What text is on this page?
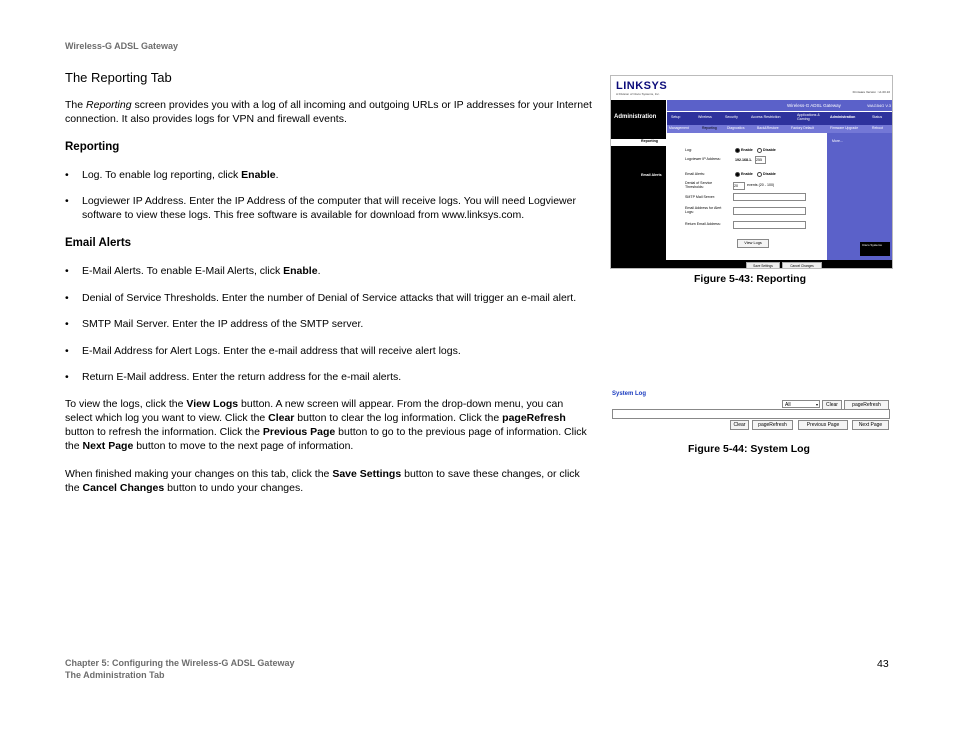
Wireless-G ADSL Gateway
The Reporting Tab
The Reporting screen provides you with a log of all incoming and outgoing URLs or IP addresses for your Internet
connection. It also provides logs for VPN and firewall events.
Reporting
• Log. To enable log reporting, click Enable.
• Logviewer IP Address. Enter the IP Address of the computer that will receive logs. You will need Logviewer
software to view these logs. This free software is available for download from www.linksys.com.
Email Alerts
• E-Mail Alerts. To enable E-Mail Alerts, click Enable.
• Denial of Service Thresholds. Enter the number of Denial of Service attacks that will trigger an e-mail alert.
• SMTP Mail Server. Enter the IP address of the SMTP server.
• E-Mail Address for Alert Logs. Enter the e-mail address that will receive alert logs.
• Return E-Mail address. Enter the return address for the e-mail alerts.
To view the logs, click the View Logs button. A new screen will appear. From the drop-down menu, you can
select which log you want to view. Click the Clear button to clear the log information. Click the pageRefresh
button to refresh the information. Click the Previous Page button to go to the previous page of information. Click
the Next Page button to move to the next page of information.
When finished making your changes on this tab, click the Save Settings button to save these changes, or click
the Cancel Changes button to undo your changes.
LINKSYS
A Division of Cisco Systems, Inc.	Firmware Version : v1.00.10
Administration
Wireless-G ADSL Gateway	WAG54G V.3
Setup	Wireless	Security	Access Restriction	Applications & Gaming	Administration	Status
Management	Reporting	Diagnostics	Back&Restore	Factory Default	Firmware Upgrade	Reboot
Reporting
Email Alerts
Log:	Enable	Disable
Logviewer IP Address:	192.168.1. 255
Email Alerts:	Enable	Disable
Denial of Service Thresholds:	20	events (20 - 100)
SMTP Mail Server:
Email Address for Alert Logs:
Return Email Address:
View Logs
More...
Cisco Systems
Save Settings	Cancel Changes
Figure 5-43: Reporting
System Log
All	▾	Clear	pageRefresh
Clear	pageRefresh	Previous Page	Next Page
Figure 5-44: System Log
Chapter 5: Configuring the Wireless-G ADSL Gateway
The Administration Tab
43
